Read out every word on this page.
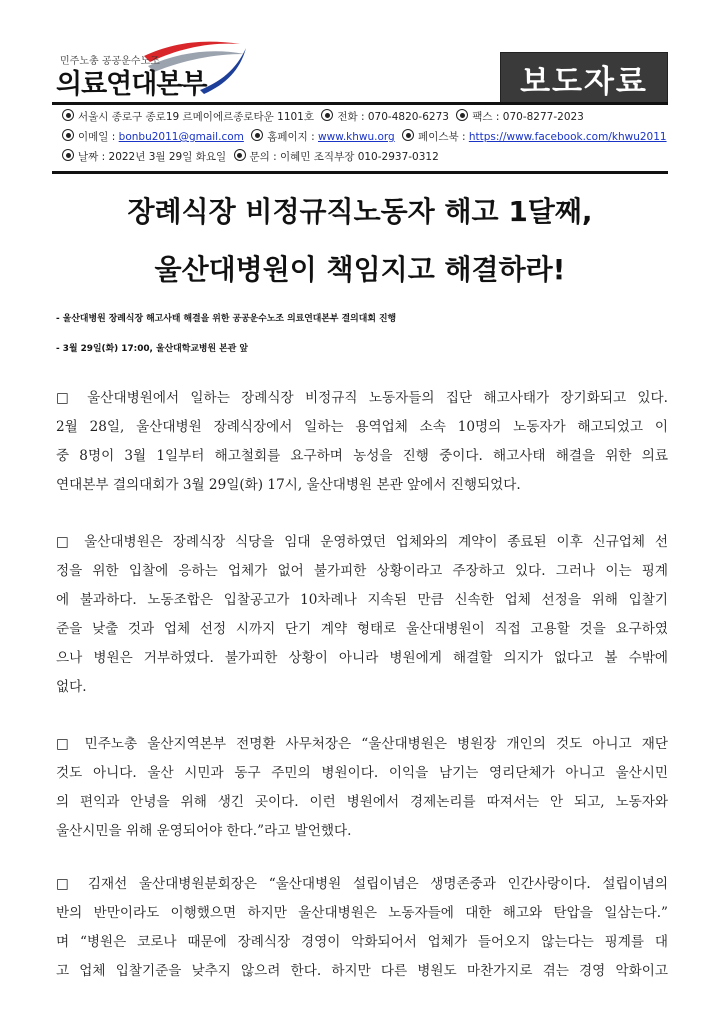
민주노총 공공운수노조
의료연대본부	보도자료
서울시 종로구 종로19 르메이에르종로타운 1101호 전화 : 070-4820-6273 팩스 : 070-8277-2023
이메일 : bonbu2011@gmail.com 홈페이지 : www.khwu.org 페이스북 : https://www.facebook.com/khwu2011
날짜 : 2022년 3월 29일 화요일 문의 : 이혜민 조직부장 010-2937-0312
장례식장 비정규직노동자 해고 1달째,
울산대병원이 책임지고 해결하라!
- 울산대병원 장례식장 해고사태 해결을 위한 공공운수노조 의료연대본부 결의대회 진행
- 3월 29일(화) 17:00, 울산대학교병원 본관 앞
□ 울산대병원에서 일하는 장례식장 비정규직 노동자들의 집단 해고사태가 장기화되고 있다.
2월 28일, 울산대병원 장례식장에서 일하는 용역업체 소속 10명의 노동자가 해고되었고 이
중 8명이 3월 1일부터 해고철회를 요구하며 농성을 진행 중이다. 해고사태 해결을 위한 의료
연대본부 결의대회가 3월 29일(화) 17시, 울산대병원 본관 앞에서 진행되었다.
□ 울산대병원은 장례식장 식당을 임대 운영하였던 업체와의 계약이 종료된 이후 신규업체 선
정을 위한 입찰에 응하는 업체가 없어 불가피한 상황이라고 주장하고 있다. 그러나 이는 핑계
에 불과하다. 노동조합은 입찰공고가 10차례나 지속된 만큼 신속한 업체 선정을 위해 입찰기
준을 낮출 것과 업체 선정 시까지 단기 계약 형태로 울산대병원이 직접 고용할 것을 요구하였
으나 병원은 거부하였다. 불가피한 상황이 아니라 병원에게 해결할 의지가 없다고 볼 수밖에
없다.
□ 민주노총 울산지역본부 전명환 사무처장은 “울산대병원은 병원장 개인의 것도 아니고 재단
것도 아니다. 울산 시민과 동구 주민의 병원이다. 이익을 남기는 영리단체가 아니고 울산시민
의 편익과 안녕을 위해 생긴 곳이다. 이런 병원에서 경제논리를 따져서는 안 되고, 노동자와
울산시민을 위해 운영되어야 한다.”라고 발언했다.
□ 김재선 울산대병원분회장은 “울산대병원 설립이념은 생명존중과 인간사랑이다. 설립이념의
반의 반만이라도 이행했으면 하지만 울산대병원은 노동자들에 대한 해고와 탄압을 일삼는다.”
며 “병원은 코로나 때문에 장례식장 경영이 악화되어서 업체가 들어오지 않는다는 핑계를 대
고 업체 입찰기준을 낮추지 않으려 한다. 하지만 다른 병원도 마찬가지로 겪는 경영 악화이고
